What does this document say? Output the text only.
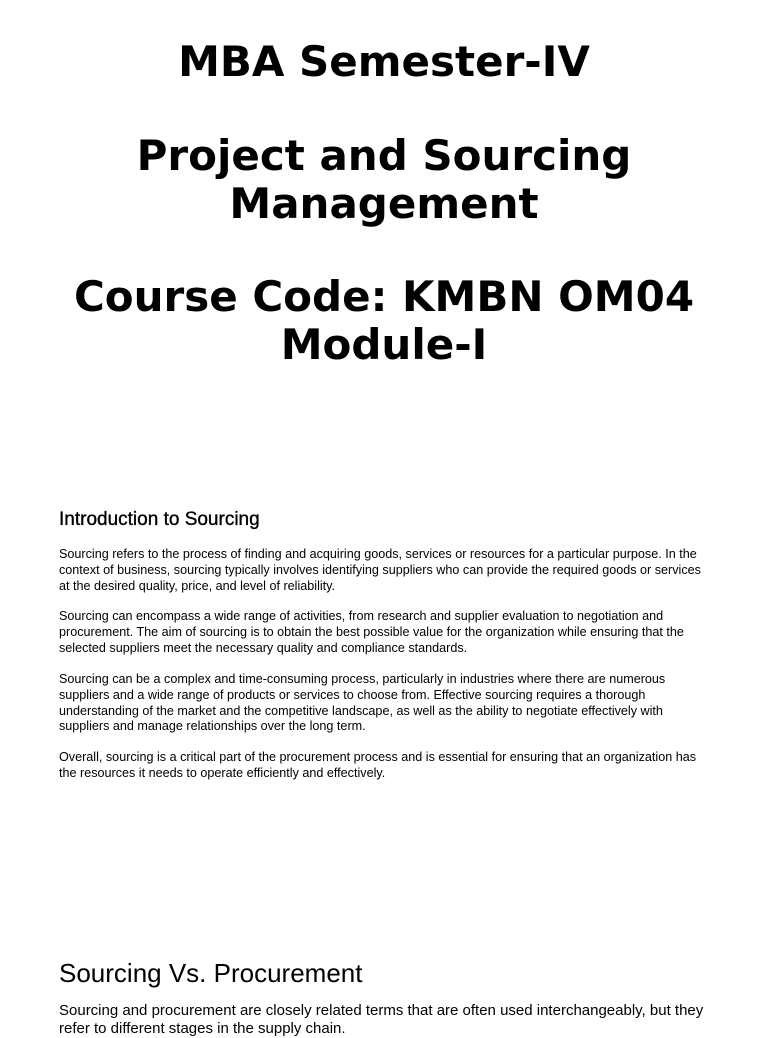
MBA Semester-IV

Project and Sourcing

Management

Course Code: KMBN OM04

Module-I

Introduction to Sourcing

Sourcing refers to the process of finding and acquiring goods, services or resources for a particular purpose. In the context of business, sourcing typically involves identifying suppliers who can provide the required goods or services at the desired quality, price, and level of reliability.

Sourcing can encompass a wide range of activities, from research and supplier evaluation to negotiation and procurement. The aim of sourcing is to obtain the best possible value for the organization while ensuring that the selected suppliers meet the necessary quality and compliance standards.

Sourcing can be a complex and time-consuming process, particularly in industries where there are numerous suppliers and a wide range of products or services to choose from. Effective sourcing requires a thorough understanding of the market and the competitive landscape, as well as the ability to negotiate effectively with suppliers and manage relationships over the long term.

Overall, sourcing is a critical part of the procurement process and is essential for ensuring that an organization has the resources it needs to operate efficiently and effectively.

Sourcing Vs. Procurement

Sourcing and procurement are closely related terms that are often used interchangeably, but they refer to different stages in the supply chain.
